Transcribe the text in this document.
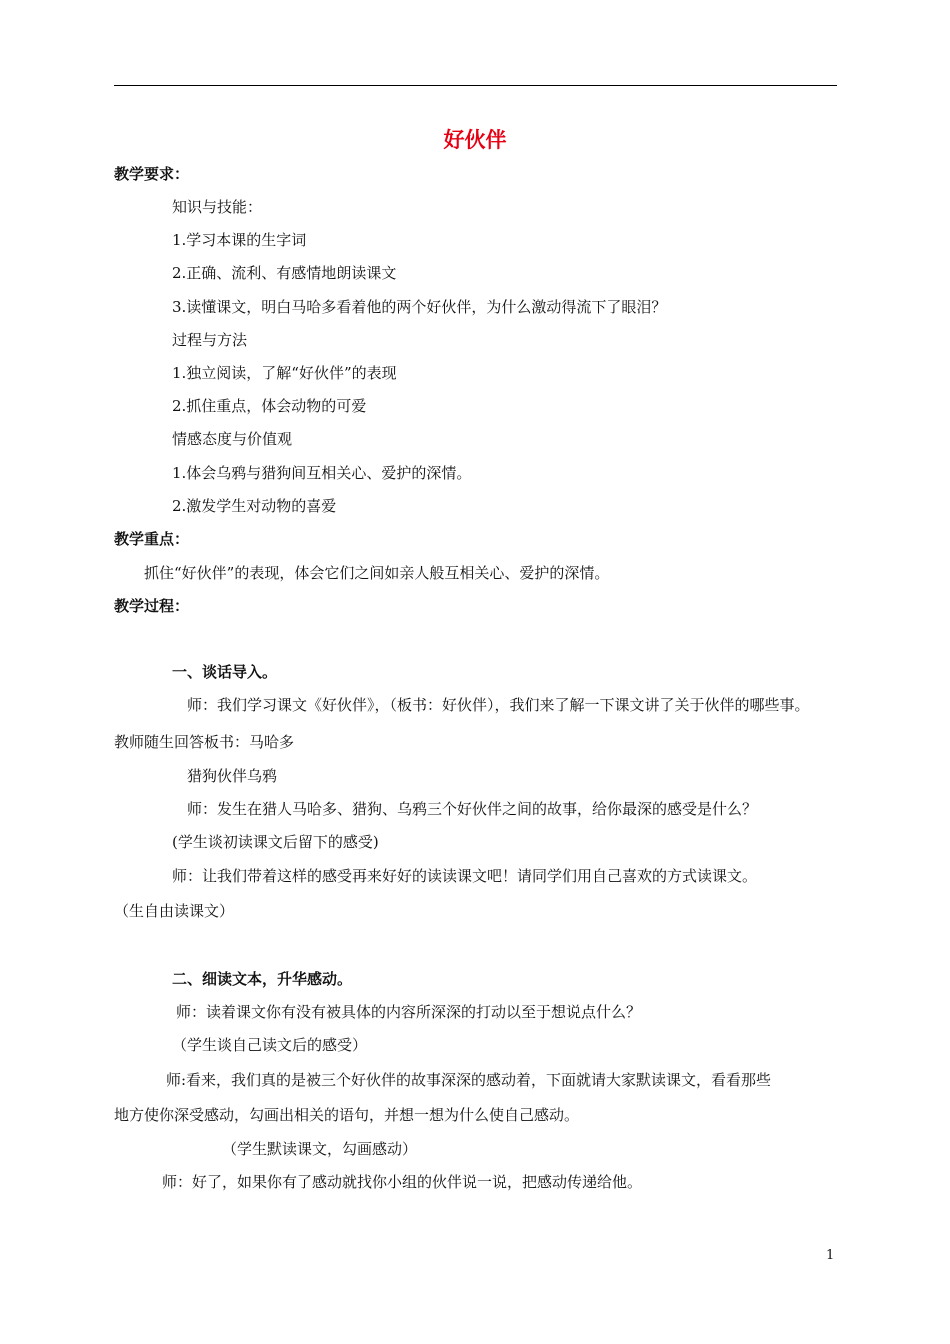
好伙伴
教学要求：
知识与技能：
1.学习本课的生字词
2.正确、流利、有感情地朗读课文
3.读懂课文，明白马哈多看着他的两个好伙伴，为什么激动得流下了眼泪？
过程与方法
1.独立阅读，了解“好伙伴”的表现
2.抓住重点，体会动物的可爱
情感态度与价值观
1.体会乌鸦与猎狗间互相关心、爱护的深情。
2.激发学生对动物的喜爱
教学重点：
抓住“好伙伴”的表现，体会它们之间如亲人般互相关心、爱护的深情。
教学过程：
一、谈话导入。
师：我们学习课文《好伙伴》，（板书：好伙伴），我们来了解一下课文讲了关于伙伴的哪些事。
教师随生回答板书：马哈多
猎狗伙伴乌鸦
师：发生在猎人马哈多、猎狗、乌鸦三个好伙伴之间的故事，给你最深的感受是什么？
(学生谈初读课文后留下的感受)
师：让我们带着这样的感受再来好好的读读课文吧！请同学们用自己喜欢的方式读课文。
（生自由读课文）
二、细读文本，升华感动。
师：读着课文你有没有被具体的内容所深深的打动以至于想说点什么？
（学生谈自己读文后的感受）
师:看来，我们真的是被三个好伙伴的故事深深的感动着，下面就请大家默读课文，看看那些
地方使你深受感动，勾画出相关的语句，并想一想为什么使自己感动。
（学生默读课文，勾画感动）
师：好了，如果你有了感动就找你小组的伙伴说一说，把感动传递给他。
1
